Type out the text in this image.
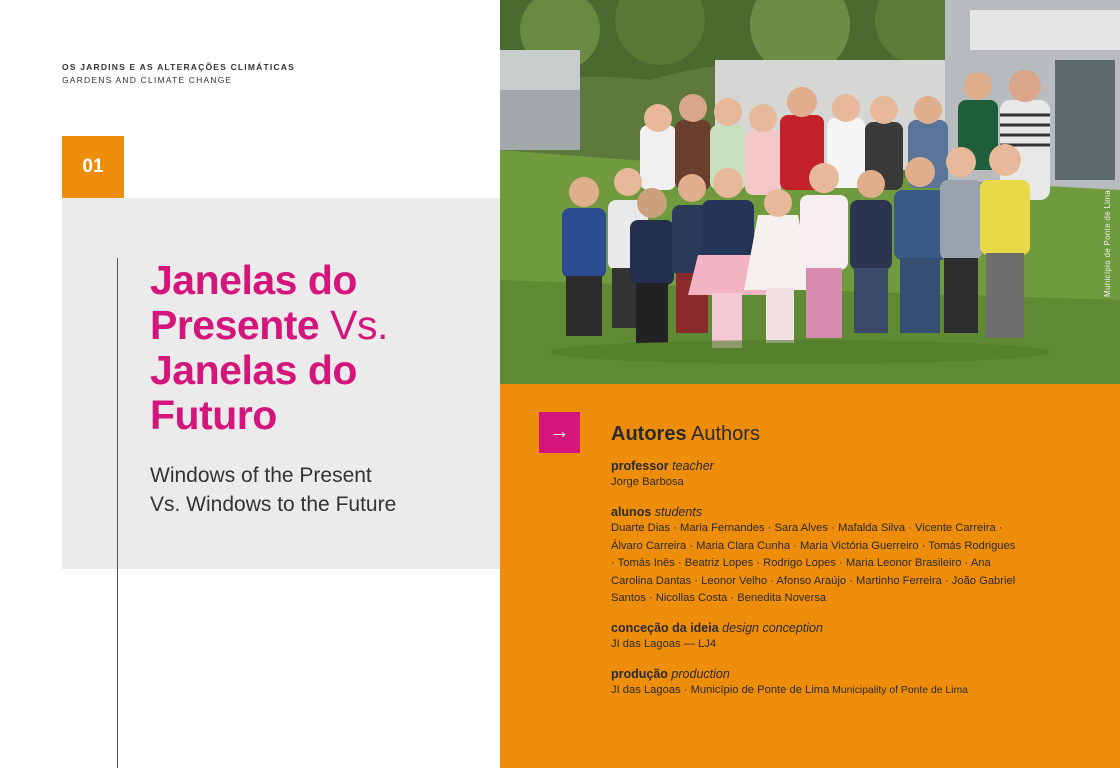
OS JARDINS E AS ALTERAÇÕES CLIMÁTICAS
GARDENS AND CLIMATE CHANGE
01
Janelas do
Presente Vs.
Janelas do
Futuro

Windows of the Present
Vs. Windows to the Future

Município de Ponte de Lima
→	Autores Authors
professor teacher
Jorge Barbosa
alunos students
Duarte Dias · Maria Fernandes · Sara Alves · Mafalda Silva · Vicente Carreira ·
Álvaro Carreira · Maria Clara Cunha · Maria Victória Guerreiro · Tomás Rodrigues
· Tomás Inês · Beatriz Lopes · Rodrigo Lopes · Maria Leonor Brasileiro · Ana
Carolina Dantas · Leonor Velho · Afonso Araújo · Martinho Ferreira · João Gabriel
Santos · Nicollas Costa · Benedita Noversa
conceção da ideia design conception
JI das Lagoas — LJ4
produção production
JI das Lagoas · Município de Ponte de Lima Municipality of Ponte de Lima
